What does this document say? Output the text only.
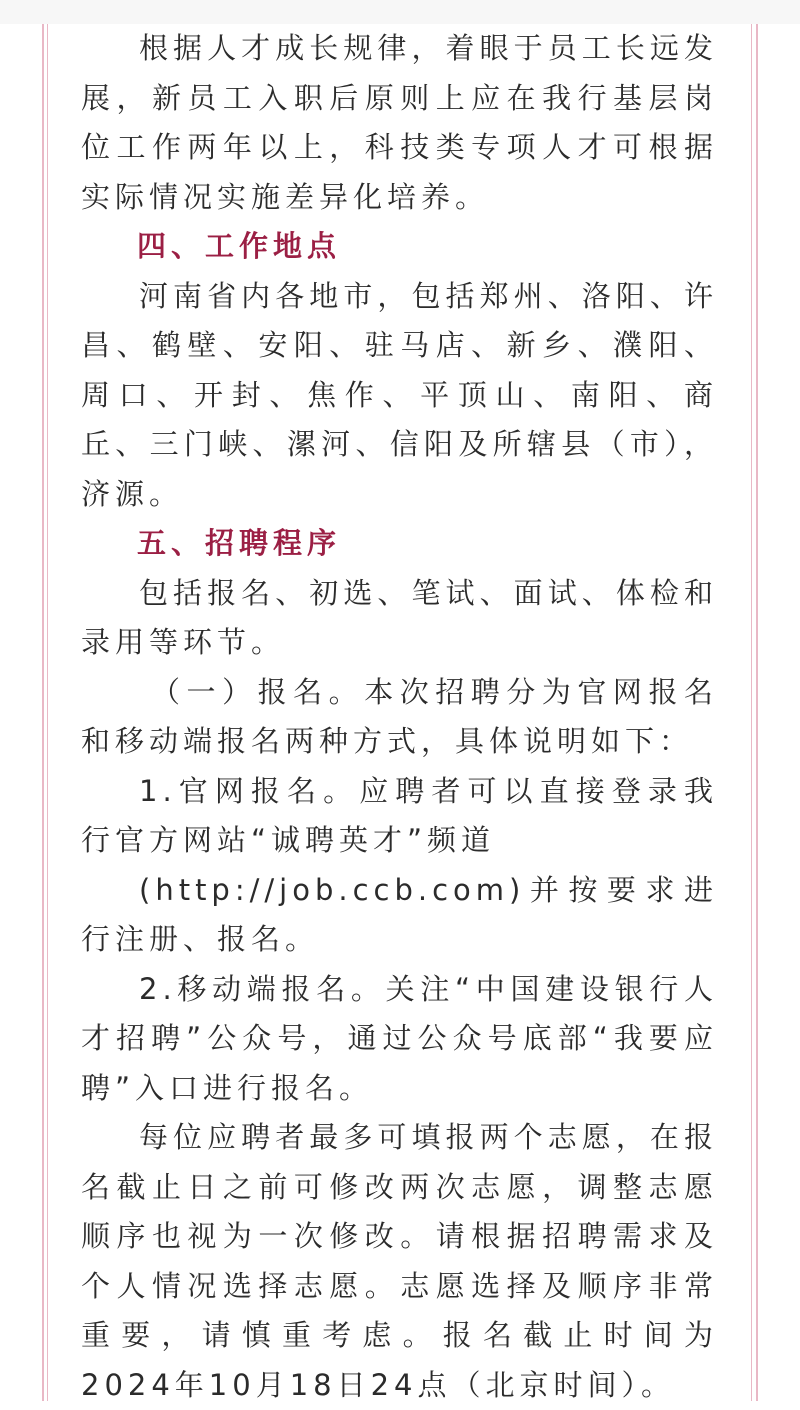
根据人才成长规律，着眼于员工长远发展，新员工入职后原则上应在我行基层岗位工作两年以上，科技类专项人才可根据实际情况实施差异化培养。

四、工作地点

河南省内各地市，包括郑州、洛阳、许昌、鹤壁、安阳、驻马店、新乡、濮阳、周口、开封、焦作、平顶山、南阳、商丘、三门峡、漯河、信阳及所辖县（市），济源。

五、招聘程序

包括报名、初选、笔试、面试、体检和录用等环节。

（一）报名。本次招聘分为官网报名和移动端报名两种方式，具体说明如下：

1.官网报名。应聘者可以直接登录我行官方网站“诚聘英才”频道

(http://job.ccb.com)并按要求进行注册、报名。

2.移动端报名。关注“中国建设银行人才招聘”公众号，通过公众号底部“我要应聘”入口进行报名。

每位应聘者最多可填报两个志愿，在报名截止日之前可修改两次志愿，调整志愿顺序也视为一次修改。请根据招聘需求及个人情况选择志愿。志愿选择及顺序非常重要，请慎重考虑。报名截止时间为2024年10月18日24点（北京时间）。
